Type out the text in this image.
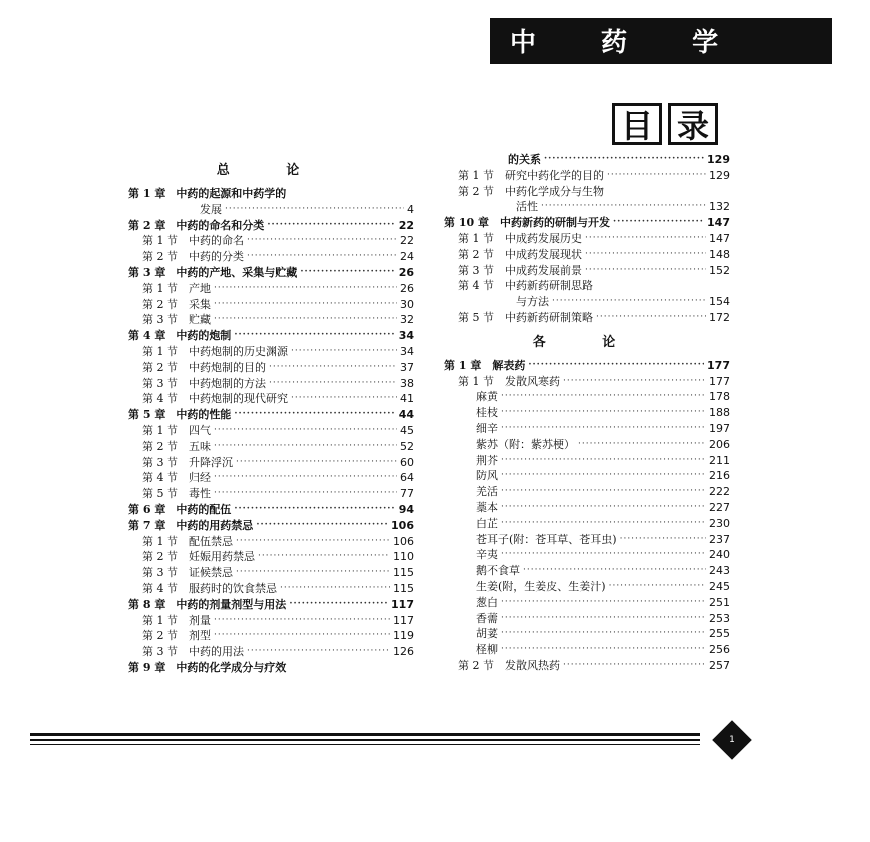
中 药 学
目 录
总 论
第 1 章　中药的起源和中药学的
发展 ·····	4
第 2 章　中药的命名和分类 ·····	22
第 1 节　中药的命名 ·····	22
第 2 节　中药的分类 ·····	24
第 3 章　中药的产地、采集与贮藏 ·····	26
第 1 节　产地 ·····	26
第 2 节　采集 ·····	30
第 3 节　贮藏 ·····	32
第 4 章　中药的炮制 ·····	34
第 1 节　中药炮制的历史渊源 ·····	34
第 2 节　中药炮制的目的 ·····	37
第 3 节　中药炮制的方法 ·····	38
第 4 节　中药炮制的现代研究 ·····	41
第 5 章　中药的性能 ·····	44
第 1 节　四气 ·····	45
第 2 节　五味 ·····	52
第 3 节　升降浮沉 ·····	60
第 4 节　归经 ·····	64
第 5 节　毒性 ·····	77
第 6 章　中药的配伍 ·····	94
第 7 章　中药的用药禁忌 ·····	106
第 1 节　配伍禁忌 ·····	106
第 2 节　妊娠用药禁忌 ·····	110
第 3 节　证候禁忌 ·····	115
第 4 节　服药时的饮食禁忌 ·····	115
第 8 章　中药的剂量剂型与用法 ·····	117
第 1 节　剂量 ·····	117
第 2 节　剂型 ·····	119
第 3 节　中药的用法 ·····	126
第 9 章　中药的化学成分与疗效
的关系 ·····	129
第 1 节　研究中药化学的目的 ·····	129
第 2 节　中药化学成分与生物
活性 ·····	132
第 10 章　中药新药的研制与开发 ·····	147
第 1 节　中成药发展历史 ·····	147
第 2 节　中成药发展现状 ·····	148
第 3 节　中成药发展前景 ·····	152
第 4 节　中药新药研制思路
与方法 ·····	154
第 5 节　中药新药研制策略 ·····	172
各 论
第 1 章　解表药 ·····	177
第 1 节　发散风寒药 ·····	177
麻黄 ·····	178
桂枝 ·····	188
细辛 ·····	197
紫苏（附：紫苏梗） ·····	206
荆芥 ·····	211
防风 ·····	216
羌活 ·····	222
藁本 ·····	227
白芷 ·····	230
苍耳子(附：苍耳草、苍耳虫) ·····	237
辛夷 ·····	240
鹅不食草 ·····	243
生姜(附，生姜皮、生姜汁) ·····	245
葱白 ·····	251
香薷 ·····	253
胡荽 ·····	255
柽柳 ·····	256
第 2 节　发散风热药 ·····	257
1
